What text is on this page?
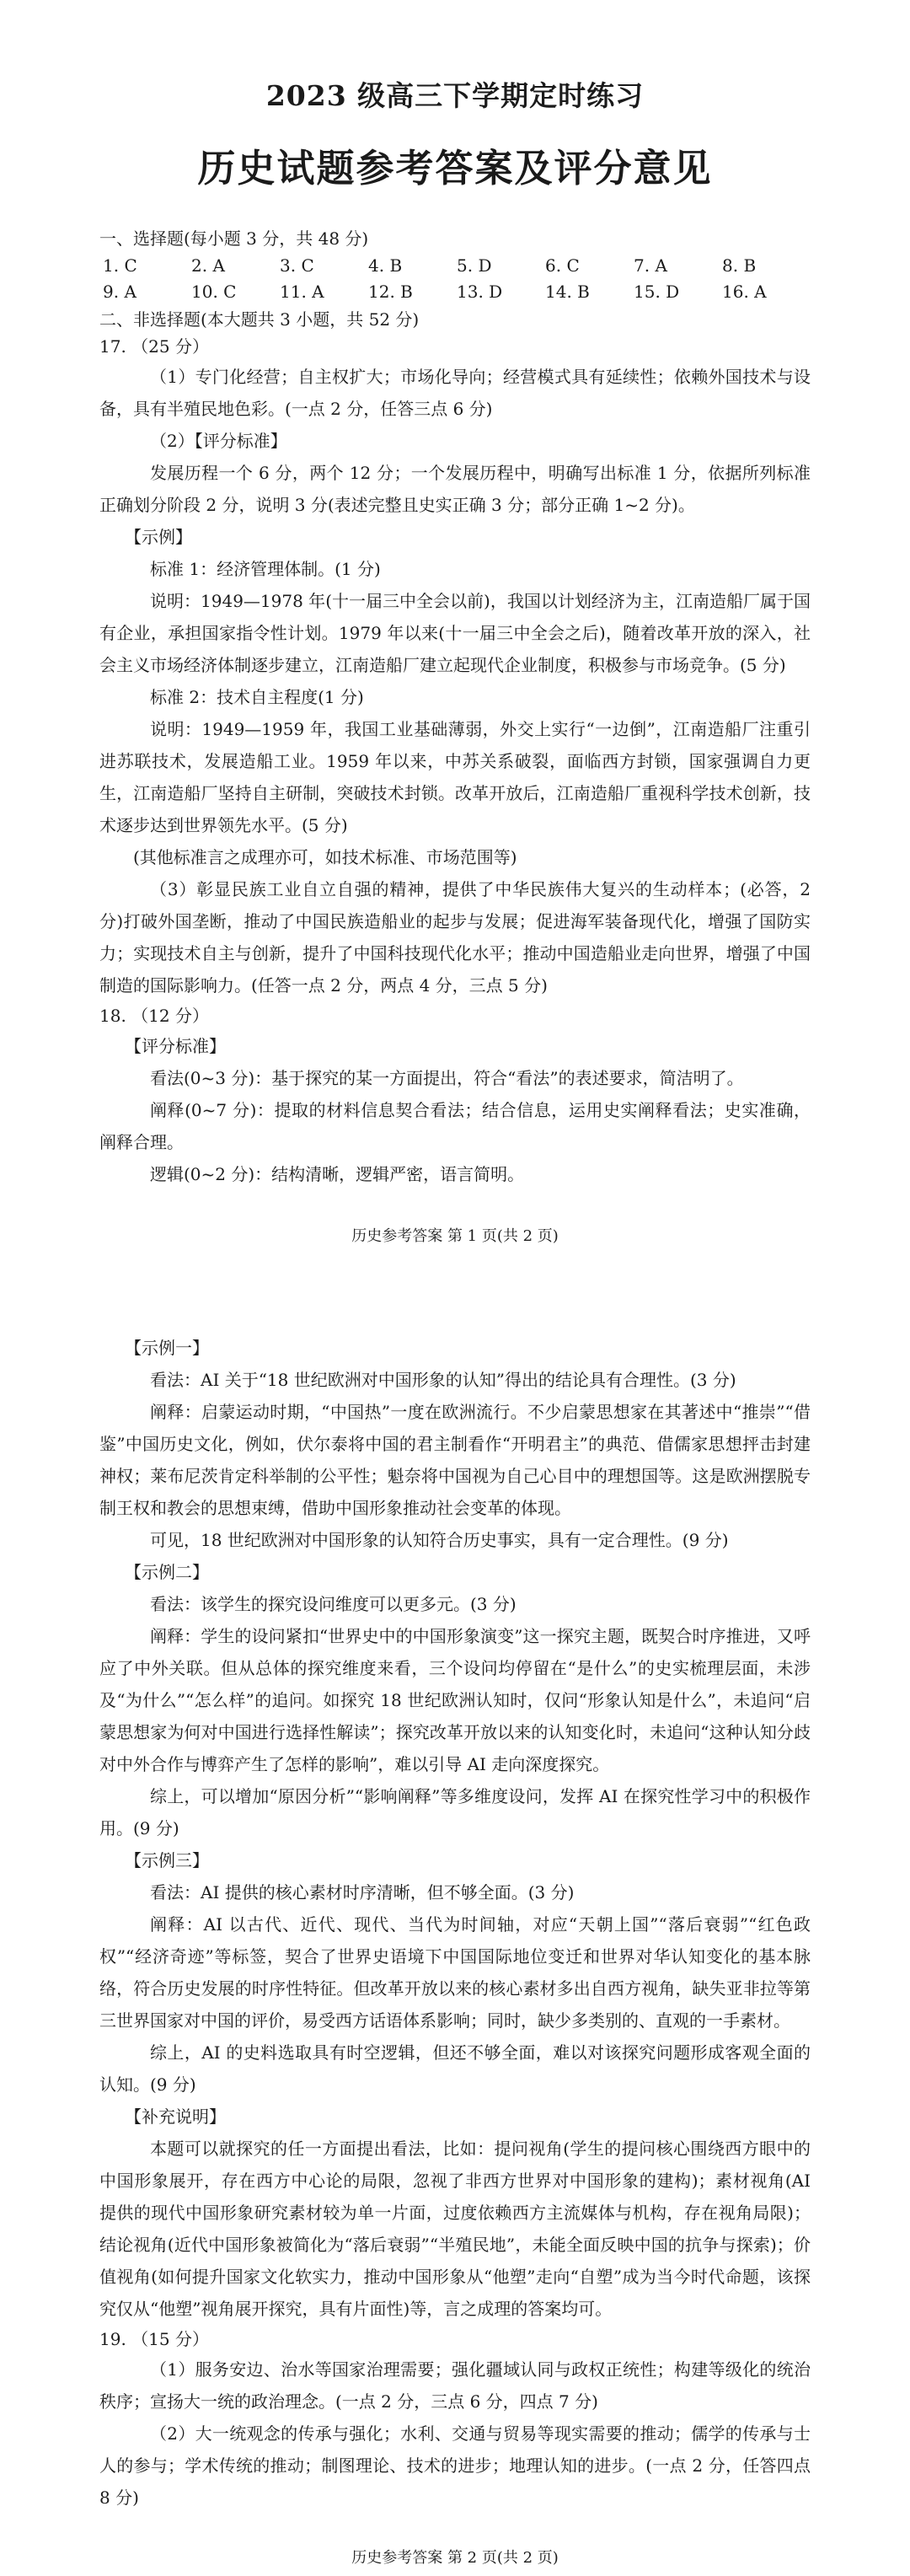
2023 级高三下学期定时练习
历史试题参考答案及评分意见
一、选择题(每小题 3 分，共 48 分)
1. C	2. A	3. C	4. B	5. D	6. C	7. A	8. B
9. A	10. C	11. A	12. B	13. D	14. B	15. D	16. A
二、非选择题(本大题共 3 小题，共 52 分)
17. （25 分）

（1）专门化经营；自主权扩大；市场化导向；经营模式具有延续性；依赖外国技术与设备，具有半殖民地色彩。(一点 2 分，任答三点 6 分)

（2）【评分标准】

发展历程一个 6 分，两个 12 分；一个发展历程中，明确写出标准 1 分，依据所列标准正确划分阶段 2 分，说明 3 分(表述完整且史实正确 3 分；部分正确 1~2 分)。

【示例】

标准 1：经济管理体制。(1 分)

说明：1949—1978 年(十一届三中全会以前)，我国以计划经济为主，江南造船厂属于国有企业，承担国家指令性计划。1979 年以来(十一届三中全会之后)，随着改革开放的深入，社会主义市场经济体制逐步建立，江南造船厂建立起现代企业制度，积极参与市场竞争。(5 分)

标准 2：技术自主程度(1 分)

说明：1949—1959 年，我国工业基础薄弱，外交上实行“一边倒”，江南造船厂注重引进苏联技术，发展造船工业。1959 年以来，中苏关系破裂，面临西方封锁，国家强调自力更生，江南造船厂坚持自主研制，突破技术封锁。改革开放后，江南造船厂重视科学技术创新，技术逐步达到世界领先水平。(5 分)

(其他标准言之成理亦可，如技术标准、市场范围等)

（3）彰显民族工业自立自强的精神，提供了中华民族伟大复兴的生动样本；(必答，2 分)打破外国垄断，推动了中国民族造船业的起步与发展；促进海军装备现代化，增强了国防实力；实现技术自主与创新，提升了中国科技现代化水平；推动中国造船业走向世界，增强了中国制造的国际影响力。(任答一点 2 分，两点 4 分，三点 5 分)

18. （12 分）

【评分标准】

看法(0~3 分)：基于探究的某一方面提出，符合“看法”的表述要求，简洁明了。

阐释(0~7 分)：提取的材料信息契合看法；结合信息，运用史实阐释看法；史实准确，阐释合理。

逻辑(0~2 分)：结构清晰，逻辑严密，语言简明。

历史参考答案 第 1 页(共 2 页)

【示例一】

看法：AI 关于“18 世纪欧洲对中国形象的认知”得出的结论具有合理性。(3 分)

阐释：启蒙运动时期，“中国热”一度在欧洲流行。不少启蒙思想家在其著述中“推崇”“借鉴”中国历史文化，例如，伏尔泰将中国的君主制看作“开明君主”的典范、借儒家思想抨击封建神权；莱布尼茨肯定科举制的公平性；魁奈将中国视为自己心目中的理想国等。这是欧洲摆脱专制王权和教会的思想束缚，借助中国形象推动社会变革的体现。

可见，18 世纪欧洲对中国形象的认知符合历史事实，具有一定合理性。(9 分)

【示例二】

看法：该学生的探究设问维度可以更多元。(3 分)

阐释：学生的设问紧扣“世界史中的中国形象演变”这一探究主题，既契合时序推进，又呼应了中外关联。但从总体的探究维度来看，三个设问均停留在“是什么”的史实梳理层面，未涉及“为什么”“怎么样”的追问。如探究 18 世纪欧洲认知时，仅问“形象认知是什么”，未追问“启蒙思想家为何对中国进行选择性解读”；探究改革开放以来的认知变化时，未追问“这种认知分歧对中外合作与博弈产生了怎样的影响”，难以引导 AI 走向深度探究。

综上，可以增加“原因分析”“影响阐释”等多维度设问，发挥 AI 在探究性学习中的积极作用。(9 分)

【示例三】

看法：AI 提供的核心素材时序清晰，但不够全面。(3 分)

阐释：AI 以古代、近代、现代、当代为时间轴，对应“天朝上国”“落后衰弱”“红色政权”“经济奇迹”等标签，契合了世界史语境下中国国际地位变迁和世界对华认知变化的基本脉络，符合历史发展的时序性特征。但改革开放以来的核心素材多出自西方视角，缺失亚非拉等第三世界国家对中国的评价，易受西方话语体系影响；同时，缺少多类别的、直观的一手素材。

综上，AI 的史料选取具有时空逻辑，但还不够全面，难以对该探究问题形成客观全面的认知。(9 分)

【补充说明】

本题可以就探究的任一方面提出看法，比如：提问视角(学生的提问核心围绕西方眼中的中国形象展开，存在西方中心论的局限，忽视了非西方世界对中国形象的建构)；素材视角(AI 提供的现代中国形象研究素材较为单一片面，过度依赖西方主流媒体与机构，存在视角局限)；结论视角(近代中国形象被简化为“落后衰弱”“半殖民地”，未能全面反映中国的抗争与探索)；价值视角(如何提升国家文化软实力，推动中国形象从“他塑”走向“自塑”成为当今时代命题，该探究仅从“他塑”视角展开探究，具有片面性)等，言之成理的答案均可。

19. （15 分）

（1）服务安边、治水等国家治理需要；强化疆域认同与政权正统性；构建等级化的统治秩序；宣扬大一统的政治理念。(一点 2 分，三点 6 分，四点 7 分)

（2）大一统观念的传承与强化；水利、交通与贸易等现实需要的推动；儒学的传承与士人的参与；学术传统的推动；制图理论、技术的进步；地理认知的进步。(一点 2 分，任答四点 8 分)

历史参考答案 第 2 页(共 2 页)
